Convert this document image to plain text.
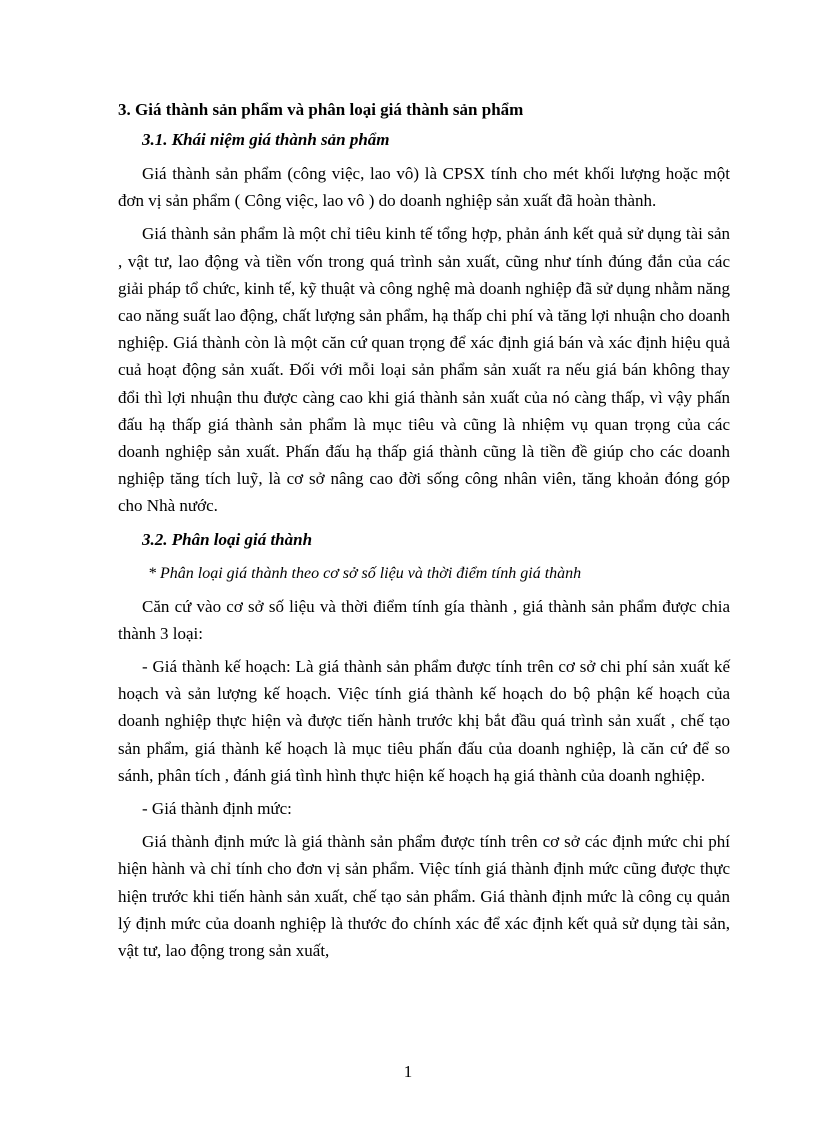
3. Giá thành sản phẩm và phân loại giá thành sản phẩm
3.1. Khái niệm giá thành sản phẩm

Giá thành sản phẩm (công việc, lao vô) là CPSX tính cho mét khối lượng hoặc một đơn vị sản phẩm ( Công việc, lao vô ) do doanh nghiệp sản xuất đã hoàn thành.

Giá thành sản phẩm là một chỉ tiêu kinh tế tổng hợp, phản ánh kết quả sử dụng tài sản , vật tư, lao động và tiền vốn trong quá trình sản xuất, cũng như tính đúng đắn của các giải pháp tổ chức, kinh tế, kỹ thuật và công nghệ mà doanh nghiệp đã sử dụng nhằm năng cao năng suất lao động, chất lượng sản phẩm, hạ thấp chi phí và tăng lợi nhuận cho doanh nghiệp. Giá thành còn là một căn cứ quan trọng để xác định giá bán và xác định hiệu quả cuả hoạt động sản xuất. Đối với mỗi loại sản phẩm sản xuất ra nếu giá bán không thay đổi thì lợi nhuận thu được càng cao khi giá thành sản xuất của nó càng thấp, vì vậy phấn đấu hạ thấp giá thành sản phẩm là mục tiêu và cũng là nhiệm vụ quan trọng của các doanh nghiệp sản xuất. Phấn đấu hạ thấp giá thành cũng là tiền đề giúp cho các doanh nghiệp tăng tích luỹ, là cơ sở nâng cao đời sống công nhân viên, tăng khoản đóng góp cho Nhà nước.

3.2. Phân loại giá thành
* Phân loại giá thành theo cơ sở số liệu và thời điểm tính giá thành

Căn cứ vào cơ sở số liệu và thời điểm tính gía thành , giá thành sản phẩm được chia thành 3 loại:

- Giá thành kế hoạch: Là giá thành sản phẩm được tính trên cơ sở chi phí sản xuất kế hoạch và sản lượng kế hoạch. Việc tính giá thành kế hoạch do bộ phận kế hoạch của doanh nghiệp thực hiện và được tiến hành trước khị bắt đầu quá trình sản xuất , chế tạo sản phẩm, giá thành kế hoạch là mục tiêu phấn đấu của doanh nghiệp, là căn cứ để so sánh, phân tích , đánh giá tình hình thực hiện kế hoạch hạ giá thành của doanh nghiệp.

- Giá thành định mức:

Giá thành định mức là giá thành sản phẩm được tính trên cơ sở các định mức chi phí hiện hành và chỉ tính cho đơn vị sản phẩm. Việc tính giá thành định mức cũng được thực hiện trước khi tiến hành sản xuất, chế tạo sản phẩm. Giá thành định mức là công cụ quản lý định mức của doanh nghiệp là thước đo chính xác để xác định kết quả sử dụng tài sản, vật tư, lao động trong sản xuất,

1
